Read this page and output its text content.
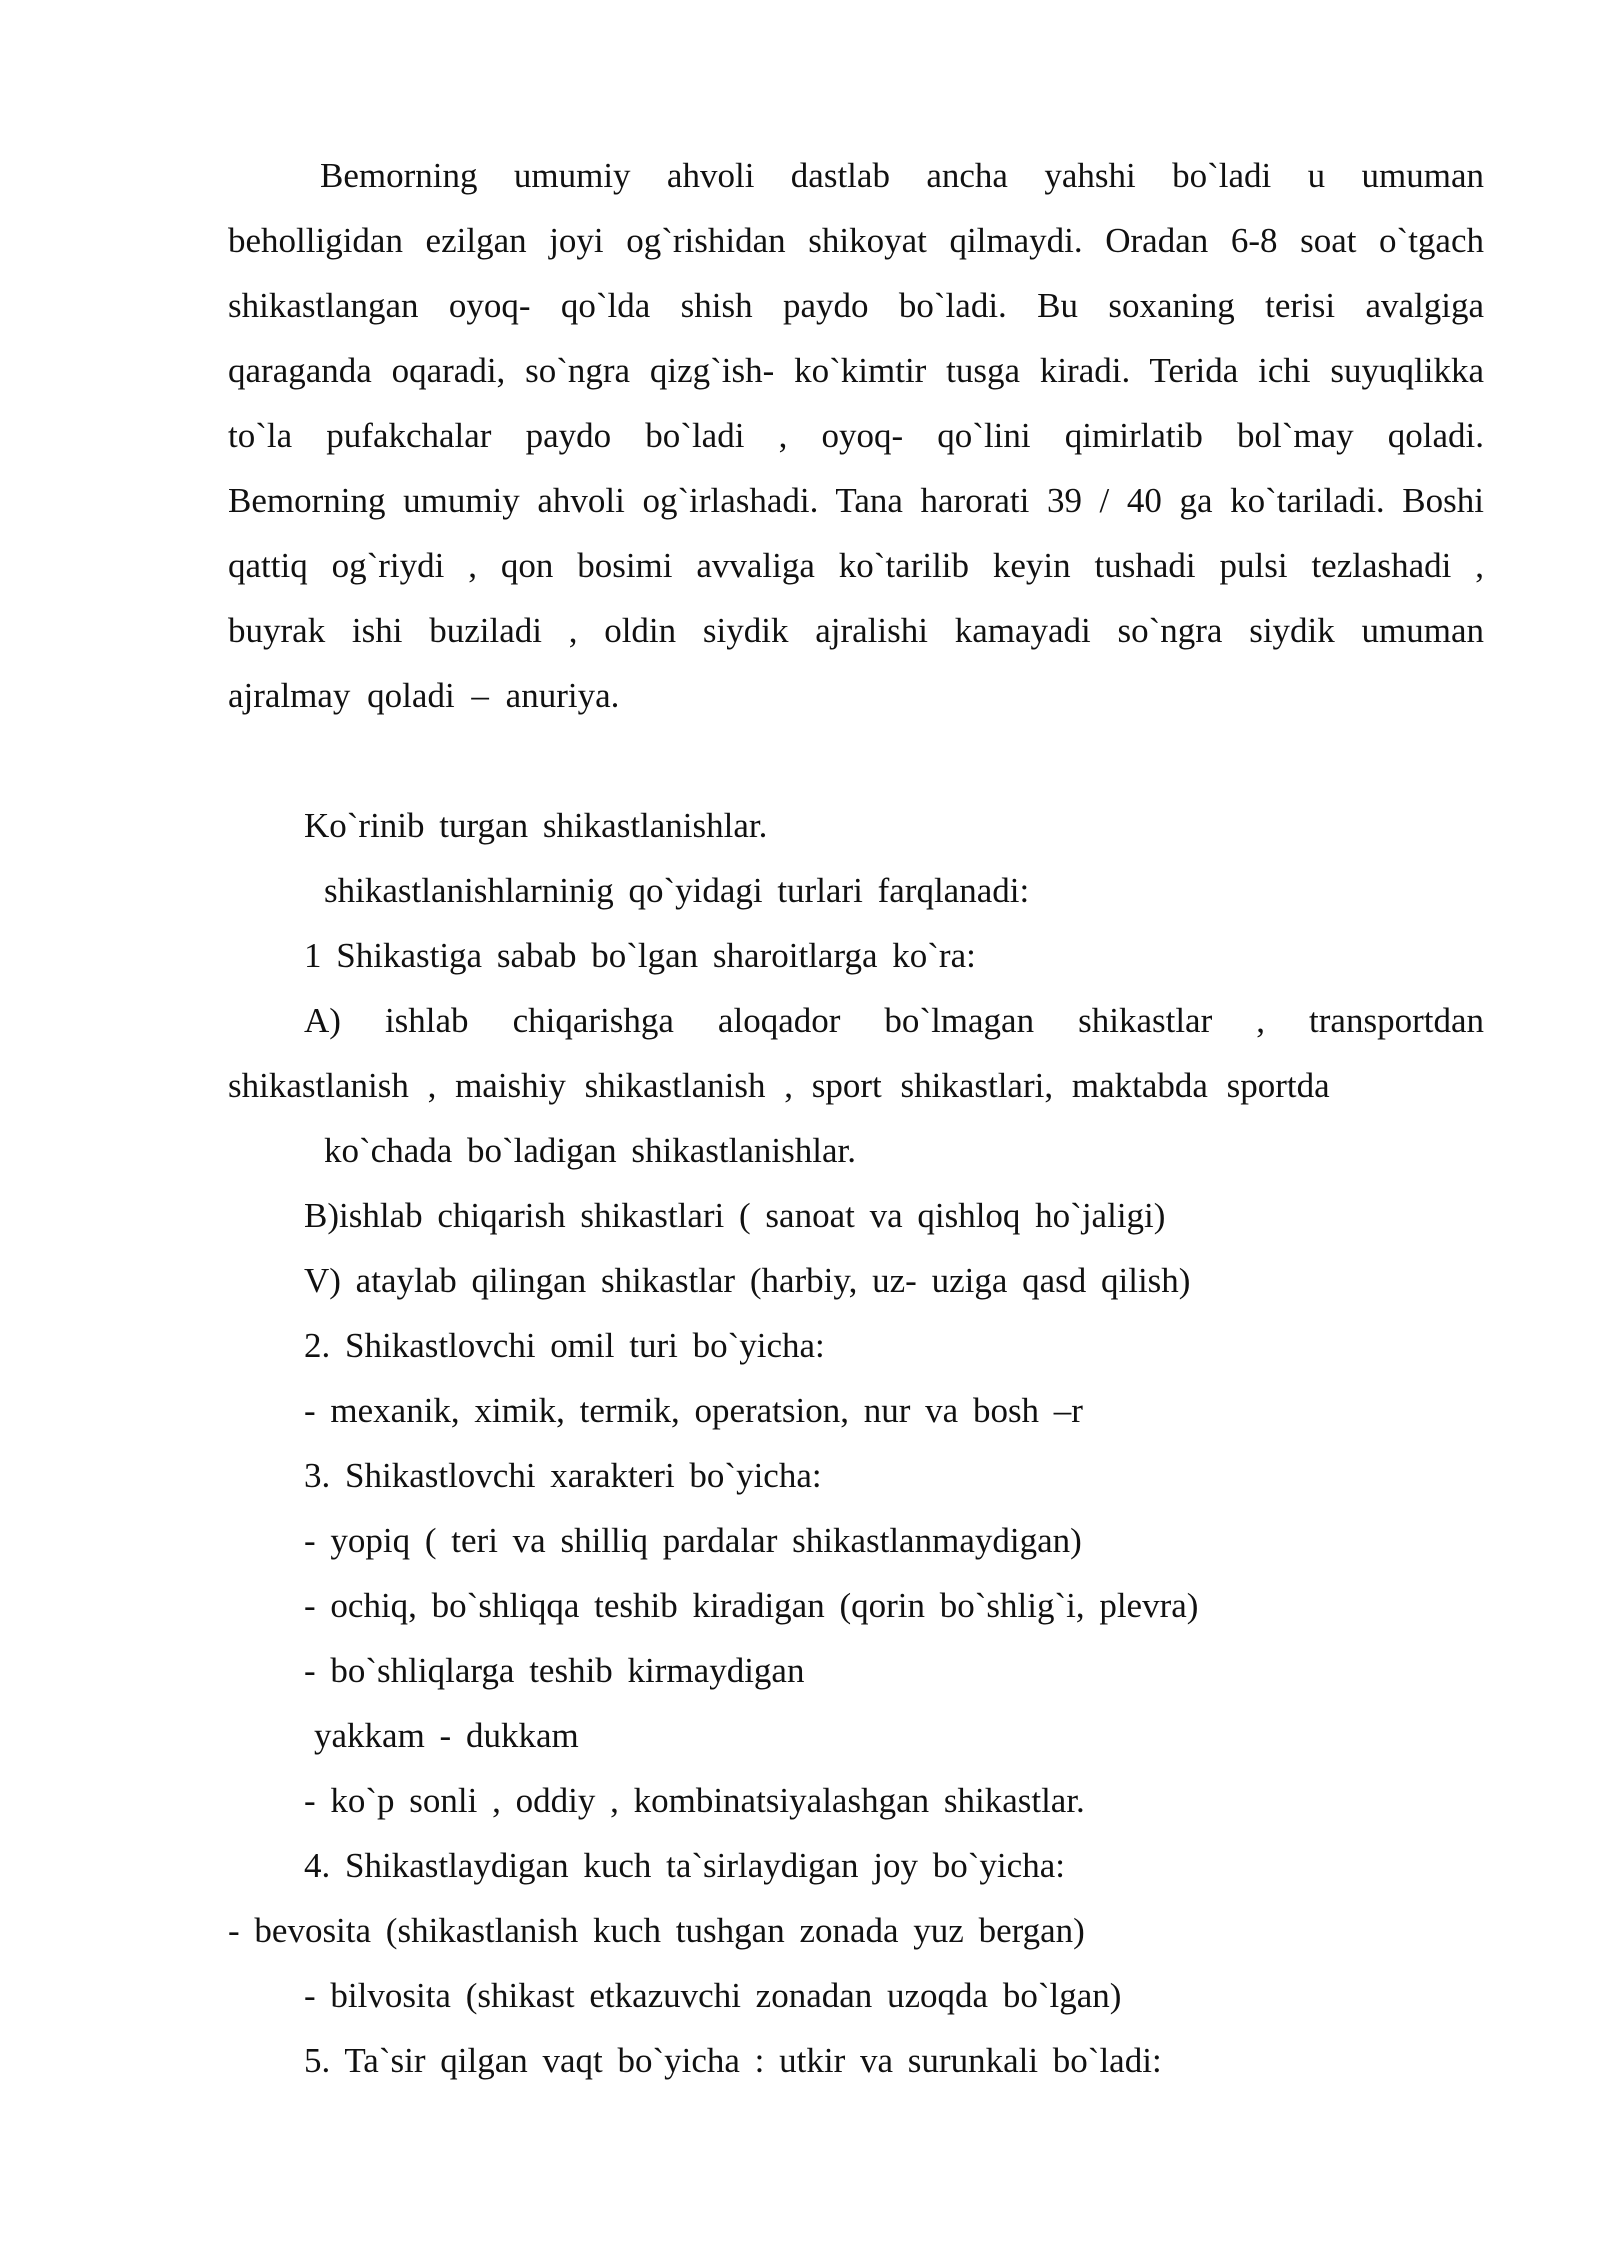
Bemorning umumiy ahvoli dastlab ancha yahshi bo`ladi u umuman beholligidan ezilgan joyi og`rishidan shikoyat qilmaydi. Oradan 6-8 soat o`tgach shikastlangan oyoq- qo`lda shish paydo bo`ladi. Bu soxaning terisi avalgiga qaraganda oqaradi, so`ngra qizg`ish- ko`kimtir tusga kiradi. Terida ichi suyuqlikka to`la pufakchalar paydo bo`ladi , oyoq- qo`lini qimirlatib bol`may qoladi. Bemorning umumiy ahvoli og`irlashadi. Tana harorati 39 / 40 ga ko`tariladi. Boshi qattiq og`riydi , qon bosimi avvaliga ko`tarilib keyin tushadi pulsi tezlashadi , buyrak ishi buziladi , oldin siydik ajralishi kamayadi so`ngra siydik umuman ajralmay qoladi – anuriya.

Ko`rinib turgan shikastlanishlar.

shikastlanishlarninig qo`yidagi turlari farqlanadi:

1 Shikastiga sabab bo`lgan sharoitlarga ko`ra:

A) ishlab chiqarishga aloqador bo`lmagan shikastlar , transportdan shikastlanish , maishiy shikastlanish , sport shikastlari, maktabda sportda

ko`chada bo`ladigan shikastlanishlar.

B)ishlab chiqarish shikastlari ( sanoat va qishloq ho`jaligi)

V) ataylab qilingan shikastlar (harbiy, uz- uziga qasd qilish)

2. Shikastlovchi omil turi bo`yicha:

- mexanik, ximik, termik, operatsion, nur va bosh –r

3. Shikastlovchi xarakteri bo`yicha:

- yopiq ( teri va shilliq pardalar shikastlanmaydigan)

- ochiq, bo`shliqqa teshib kiradigan (qorin bo`shlig`i, plevra)

- bo`shliqlarga teshib kirmaydigan

yakkam - dukkam

- ko`p sonli , oddiy , kombinatsiyalashgan shikastlar.

4. Shikastlaydigan kuch ta`sirlaydigan joy bo`yicha:

- bevosita (shikastlanish kuch tushgan zonada yuz bergan)

- bilvosita (shikast etkazuvchi zonadan uzoqda bo`lgan)

5. Ta`sir qilgan vaqt bo`yicha : utkir va surunkali bo`ladi:
